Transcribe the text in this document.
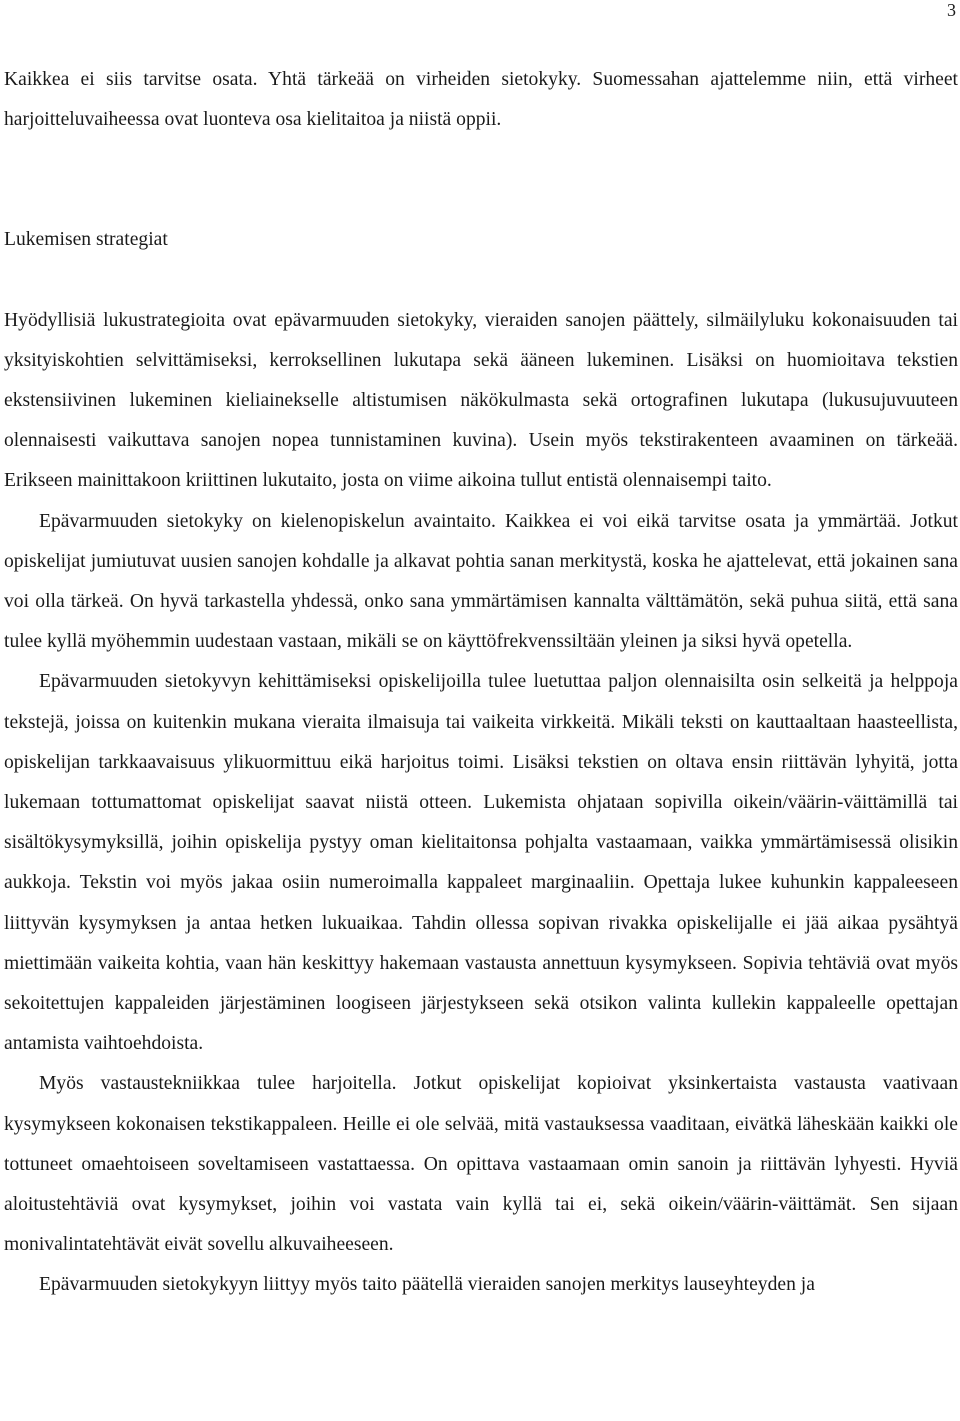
3

Kaikkea ei siis tarvitse osata. Yhtä tärkeää on virheiden sietokyky. Suomessahan ajattelemme niin, että virheet harjoitteluvaiheessa ovat luonteva osa kielitaitoa ja niistä oppii.

Lukemisen strategiat

Hyödyllisiä lukustrategioita ovat epävarmuuden sietokyky, vieraiden sanojen päättely, silmäilyluku kokonaisuuden tai yksityiskohtien selvittämiseksi, kerroksellinen lukutapa sekä ääneen lukeminen. Lisäksi on huomioitava tekstien ekstensiivinen lukeminen kieliainekselle altistumisen näkökulmasta sekä ortografinen lukutapa (lukusujuvuuteen olennaisesti vaikuttava sanojen nopea tunnistaminen kuvina). Usein myös tekstirakenteen avaaminen on tärkeää. Erikseen mainittakoon kriittinen lukutaito, josta on viime aikoina tullut entistä olennaisempi taito.

Epävarmuuden sietokyky on kielenopiskelun avaintaito. Kaikkea ei voi eikä tarvitse osata ja ymmärtää. Jotkut opiskelijat jumiutuvat uusien sanojen kohdalle ja alkavat pohtia sanan merkitystä, koska he ajattelevat, että jokainen sana voi olla tärkeä. On hyvä tarkastella yhdessä, onko sana ymmärtämisen kannalta välttämätön, sekä puhua siitä, että sana tulee kyllä myöhemmin uudestaan vastaan, mikäli se on käyttöfrekvenssiltään yleinen ja siksi hyvä opetella.

Epävarmuuden sietokyvyn kehittämiseksi opiskelijoilla tulee luetuttaa paljon olennaisilta osin selkeitä ja helppoja tekstejä, joissa on kuitenkin mukana vieraita ilmaisuja tai vaikeita virkkeitä. Mikäli teksti on kauttaaltaan haasteellista, opiskelijan tarkkaavaisuus ylikuormittuu eikä harjoitus toimi. Lisäksi tekstien on oltava ensin riittävän lyhyitä, jotta lukemaan tottumattomat opiskelijat saavat niistä otteen. Lukemista ohjataan sopivilla oikein/väärin-väittämillä tai sisältökysymyksillä, joihin opiskelija pystyy oman kielitaitonsa pohjalta vastaamaan, vaikka ymmärtämisessä olisikin aukkoja. Tekstin voi myös jakaa osiin numeroimalla kappaleet marginaaliin. Opettaja lukee kuhunkin kappaleeseen liittyvän kysymyksen ja antaa hetken lukuaikaa. Tahdin ollessa sopivan rivakka opiskelijalle ei jää aikaa pysähtyä miettimään vaikeita kohtia, vaan hän keskittyy hakemaan vastausta annettuun kysymykseen. Sopivia tehtäviä ovat myös sekoitettujen kappaleiden järjestäminen loogiseen järjestykseen sekä otsikon valinta kullekin kappaleelle opettajan antamista vaihtoehdoista.

Myös vastaustekniikkaa tulee harjoitella. Jotkut opiskelijat kopioivat yksinkertaista vastausta vaativaan kysymykseen kokonaisen tekstikappaleen. Heille ei ole selvää, mitä vastauksessa vaaditaan, eivätkä läheskään kaikki ole tottuneet omaehtoiseen soveltamiseen vastattaessa. On opittava vastaamaan omin sanoin ja riittävän lyhyesti. Hyviä aloitustehtäviä ovat kysymykset, joihin voi vastata vain kyllä tai ei, sekä oikein/väärin-väittämät. Sen sijaan monivalintatehtävät eivät sovellu alkuvaiheeseen.

Epävarmuuden sietokykyyn liittyy myös taito päätellä vieraiden sanojen merkitys lauseyhteyden ja
